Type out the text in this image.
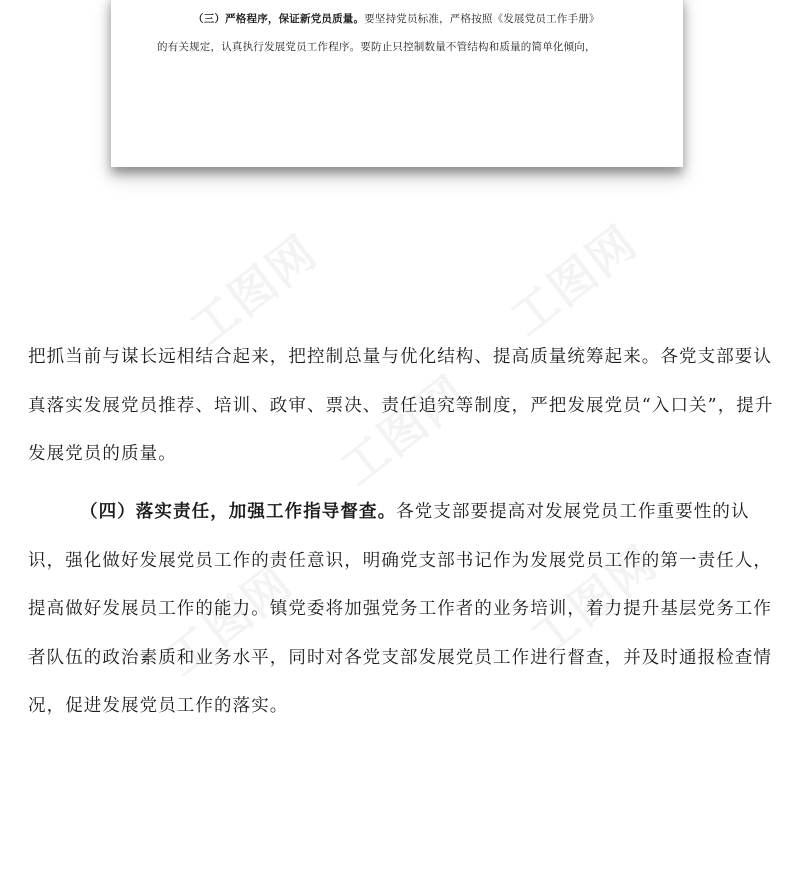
（三）严格程序，保证新党员质量。要坚持党员标准，严格按照《发展党员工作手册》
的有关规定，认真执行发展党员工作程序。要防止只控制数量不管结构和质量的简单化倾向，
工图网	工图网
工图网
工图网	工图网
把抓当前与谋长远相结合起来，把控制总量与优化结构、提高质量统筹起来。各党支部要认真落实发展党员推荐、培训、政审、票决、责任追究等制度，严把发展党员“入口关”，提升发展党员的质量。
（四）落实责任，加强工作指导督查。各党支部要提高对发展党员工作重要性的认识，强化做好发展党员工作的责任意识，明确党支部书记作为发展党员工作的第一责任人，提高做好发展员工作的能力。镇党委将加强党务工作者的业务培训，着力提升基层党务工作者队伍的政治素质和业务水平，同时对各党支部发展党员工作进行督查，并及时通报检查情况，促进发展党员工作的落实。
